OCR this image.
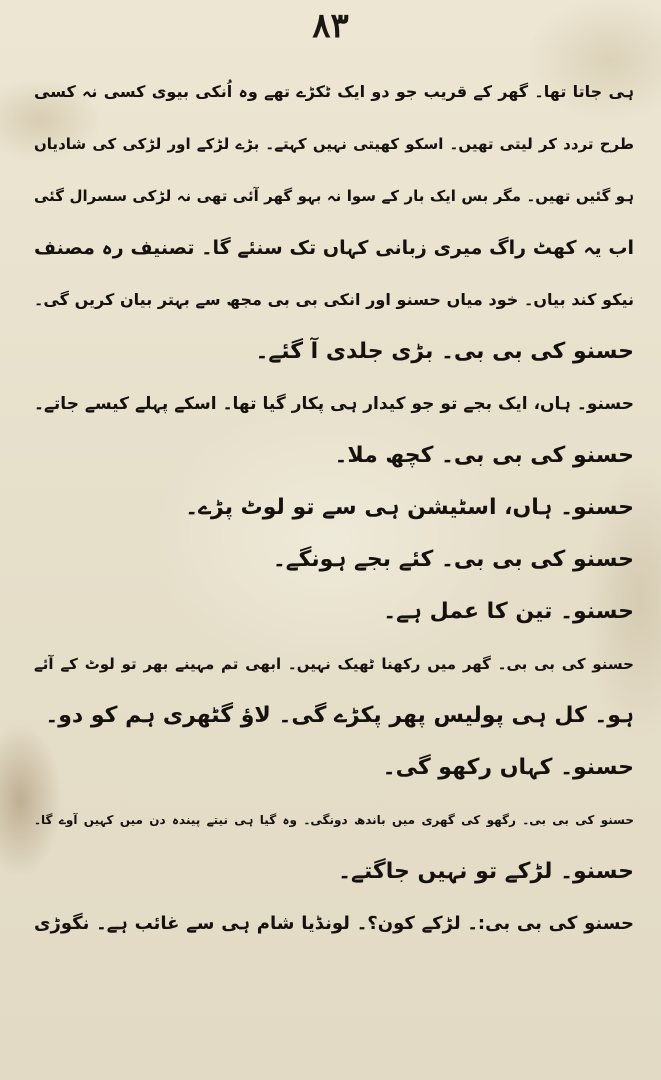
۸۳
ہی جاتا تھا۔ گھر کے قریب جو دو ایک ٹکڑے تھے وہ اُنکی بیوی کسی نہ کسی
طرح تردد کر لیتی تھیں۔ اسکو کھیتی نہیں کہتے۔ بڑے لڑکے اور لڑکی کی شادیاں
ہو گئیں تھیں۔ مگر بس ایک بار کے سوا نہ بہو گھر آئی تھی نہ لڑکی سسرال گئی
اب یہ کھٹ راگ میری زبانی کہاں تک سنئے گا۔ تصنیف رہ مصنف
نیکو کند بیاں۔ خود میاں حسنو اور انکی بی بی مجھ سے بہتر بیان کریں گی۔
حسنو کی بی بی۔ بڑی جلدی آ گئے۔
حسنو۔ ہاں، ایک بجے تو جو کیدار ہی پکار گیا تھا۔ اسکے پہلے کیسے جاتے۔
حسنو کی بی بی۔ کچھ ملا۔
حسنو۔ ہاں، اسٹیشن ہی سے تو لوٹ پڑے۔
حسنو کی بی بی۔ کئے بجے ہونگے۔
حسنو۔ تین کا عمل ہے۔
حسنو کی بی بی۔ گھر میں رکھنا ٹھیک نہیں۔ ابھی تم مہینے بھر تو لوٹ کے آئے
ہو۔ کل ہی پولیس پھر پکڑے گی۔ لاؤ گٹھری ہم کو دو۔
حسنو۔ کہاں رکھو گی۔
حسنو کی بی بی۔ رگھو کی گھری میں باندھ دونگی۔ وہ گیا ہی نیتے پیندہ دن میں کہیں آوے گا۔
حسنو۔ لڑکے تو نہیں جاگتے۔
حسنو کی بی بی:۔ لڑکے کون؟۔ لونڈیا شام ہی سے غائب ہے۔ نگوڑی
